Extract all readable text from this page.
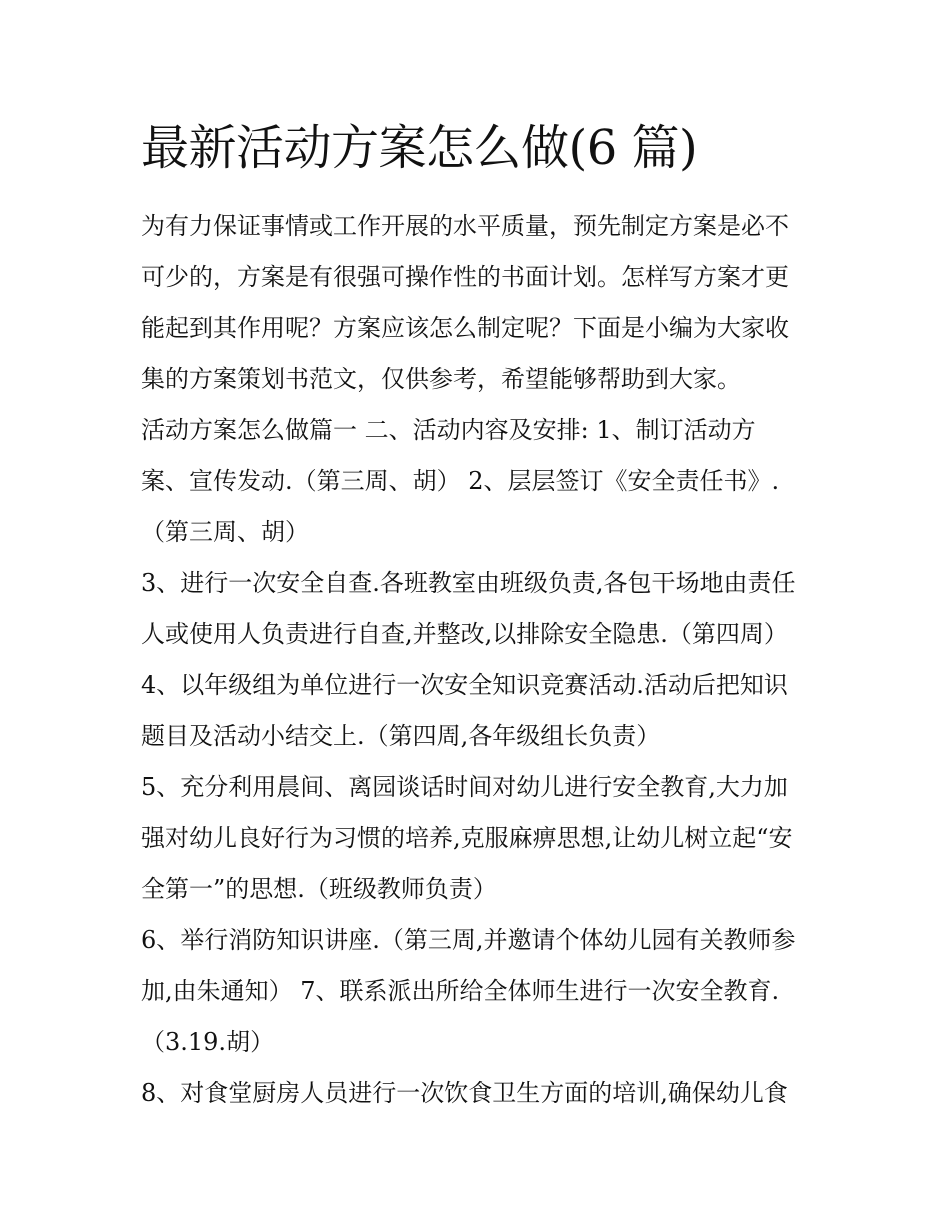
最新活动方案怎么做(6 篇)
为有力保证事情或工作开展的水平质量，预先制定方案是必不
可少的，方案是有很强可操作性的书面计划。怎样写方案才更
能起到其作用呢？方案应该怎么制定呢？下面是小编为大家收
集的方案策划书范文，仅供参考，希望能够帮助到大家。
活动方案怎么做篇一 二、活动内容及安排: 1、制订活动方
案、宣传发动.（第三周、胡） 2、层层签订《安全责任书》.
（第三周、胡）
3、进行一次安全自查.各班教室由班级负责,各包干场地由责任
人或使用人负责进行自查,并整改,以排除安全隐患.（第四周）
4、以年级组为单位进行一次安全知识竞赛活动.活动后把知识
题目及活动小结交上.（第四周,各年级组长负责）
5、充分利用晨间、离园谈话时间对幼儿进行安全教育,大力加
强对幼儿良好行为习惯的培养,克服麻痹思想,让幼儿树立起“安
全第一”的思想.（班级教师负责）
6、举行消防知识讲座.（第三周,并邀请个体幼儿园有关教师参
加,由朱通知） 7、联系派出所给全体师生进行一次安全教育.
（3.19.胡）
8、对食堂厨房人员进行一次饮食卫生方面的培训,确保幼儿食
